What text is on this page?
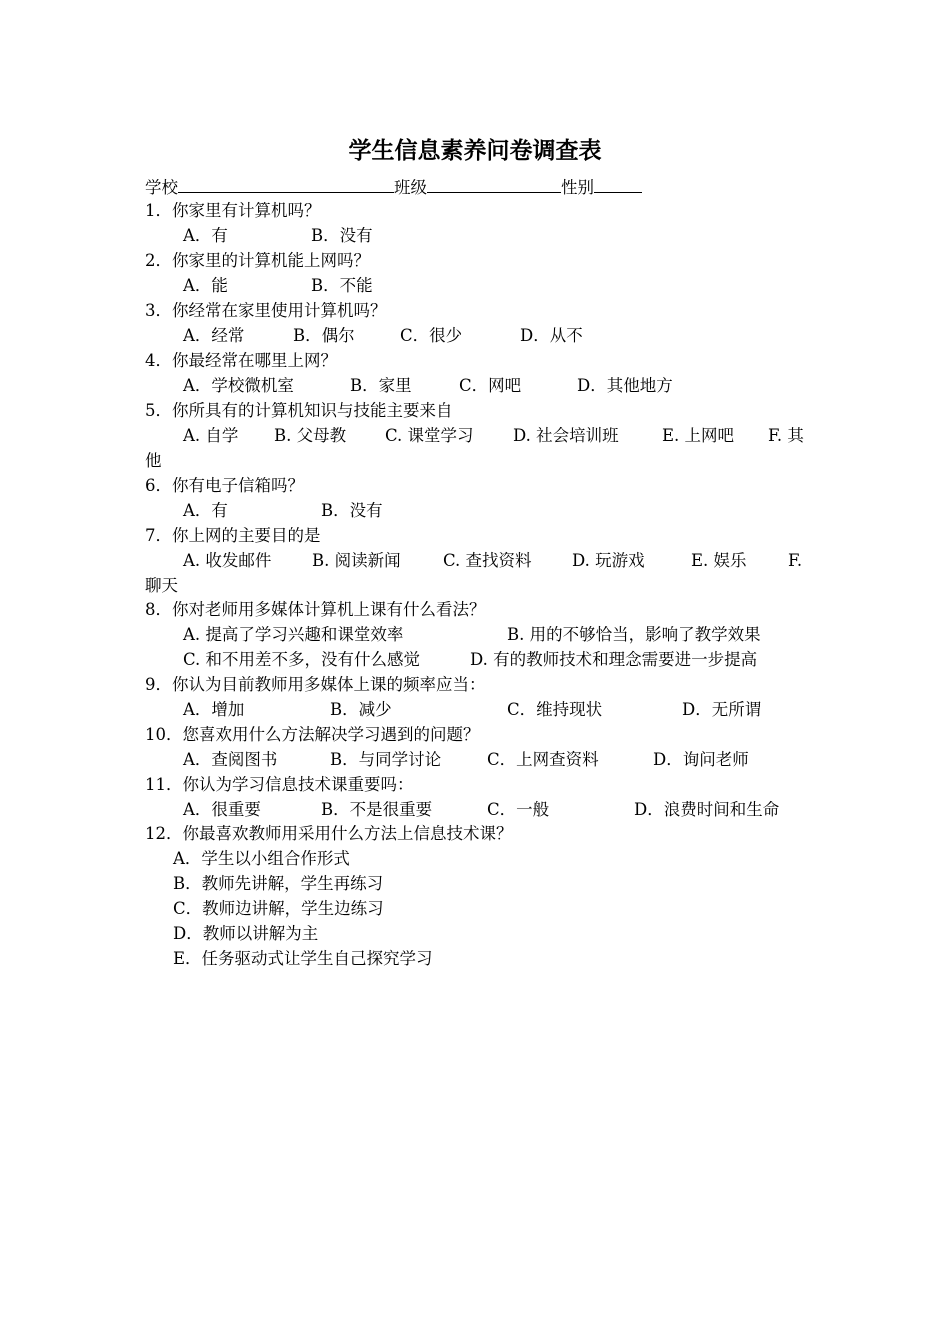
学生信息素养问卷调查表
学校	班级	性别
1．你家里有计算机吗？
A．有	B．没有
2．你家里的计算机能上网吗？
A．能	B．不能
3．你经常在家里使用计算机吗？
A．经常	B．偶尔	C．很少	D．从不
4．你最经常在哪里上网？
A．学校微机室	B．家里	C．网吧	D．其他地方
5．你所具有的计算机知识与技能主要来自
A. 自学 B. 父母教 C. 课堂学习 D. 社会培训班	E. 上网吧 F. 其
他
6．你有电子信箱吗？
A．有	B．没有
7．你上网的主要目的是
A. 收发邮件 B. 阅读新闻	C. 查找资料 D. 玩游戏	E. 娱乐	F.
聊天
8．你对老师用多媒体计算机上课有什么看法？
A. 提高了学习兴趣和课堂效率	B. 用的不够恰当，影响了教学效果
C. 和不用差不多，没有什么感觉	D. 有的教师技术和理念需要进一步提高
9．你认为目前教师用多媒体上课的频率应当：
A．增加	B．减少	C．维持现状	D．无所谓
10．您喜欢用什么方法解决学习遇到的问题？
A．查阅图书	B．与同学讨论	C．上网查资料	D．询问老师
11．你认为学习信息技术课重要吗：
A．很重要	B．不是很重要	C．一般	D．浪费时间和生命
12．你最喜欢教师用采用什么方法上信息技术课？
A．学生以小组合作形式
B．教师先讲解，学生再练习
C．教师边讲解，学生边练习
D．教师以讲解为主
E．任务驱动式让学生自己探究学习
